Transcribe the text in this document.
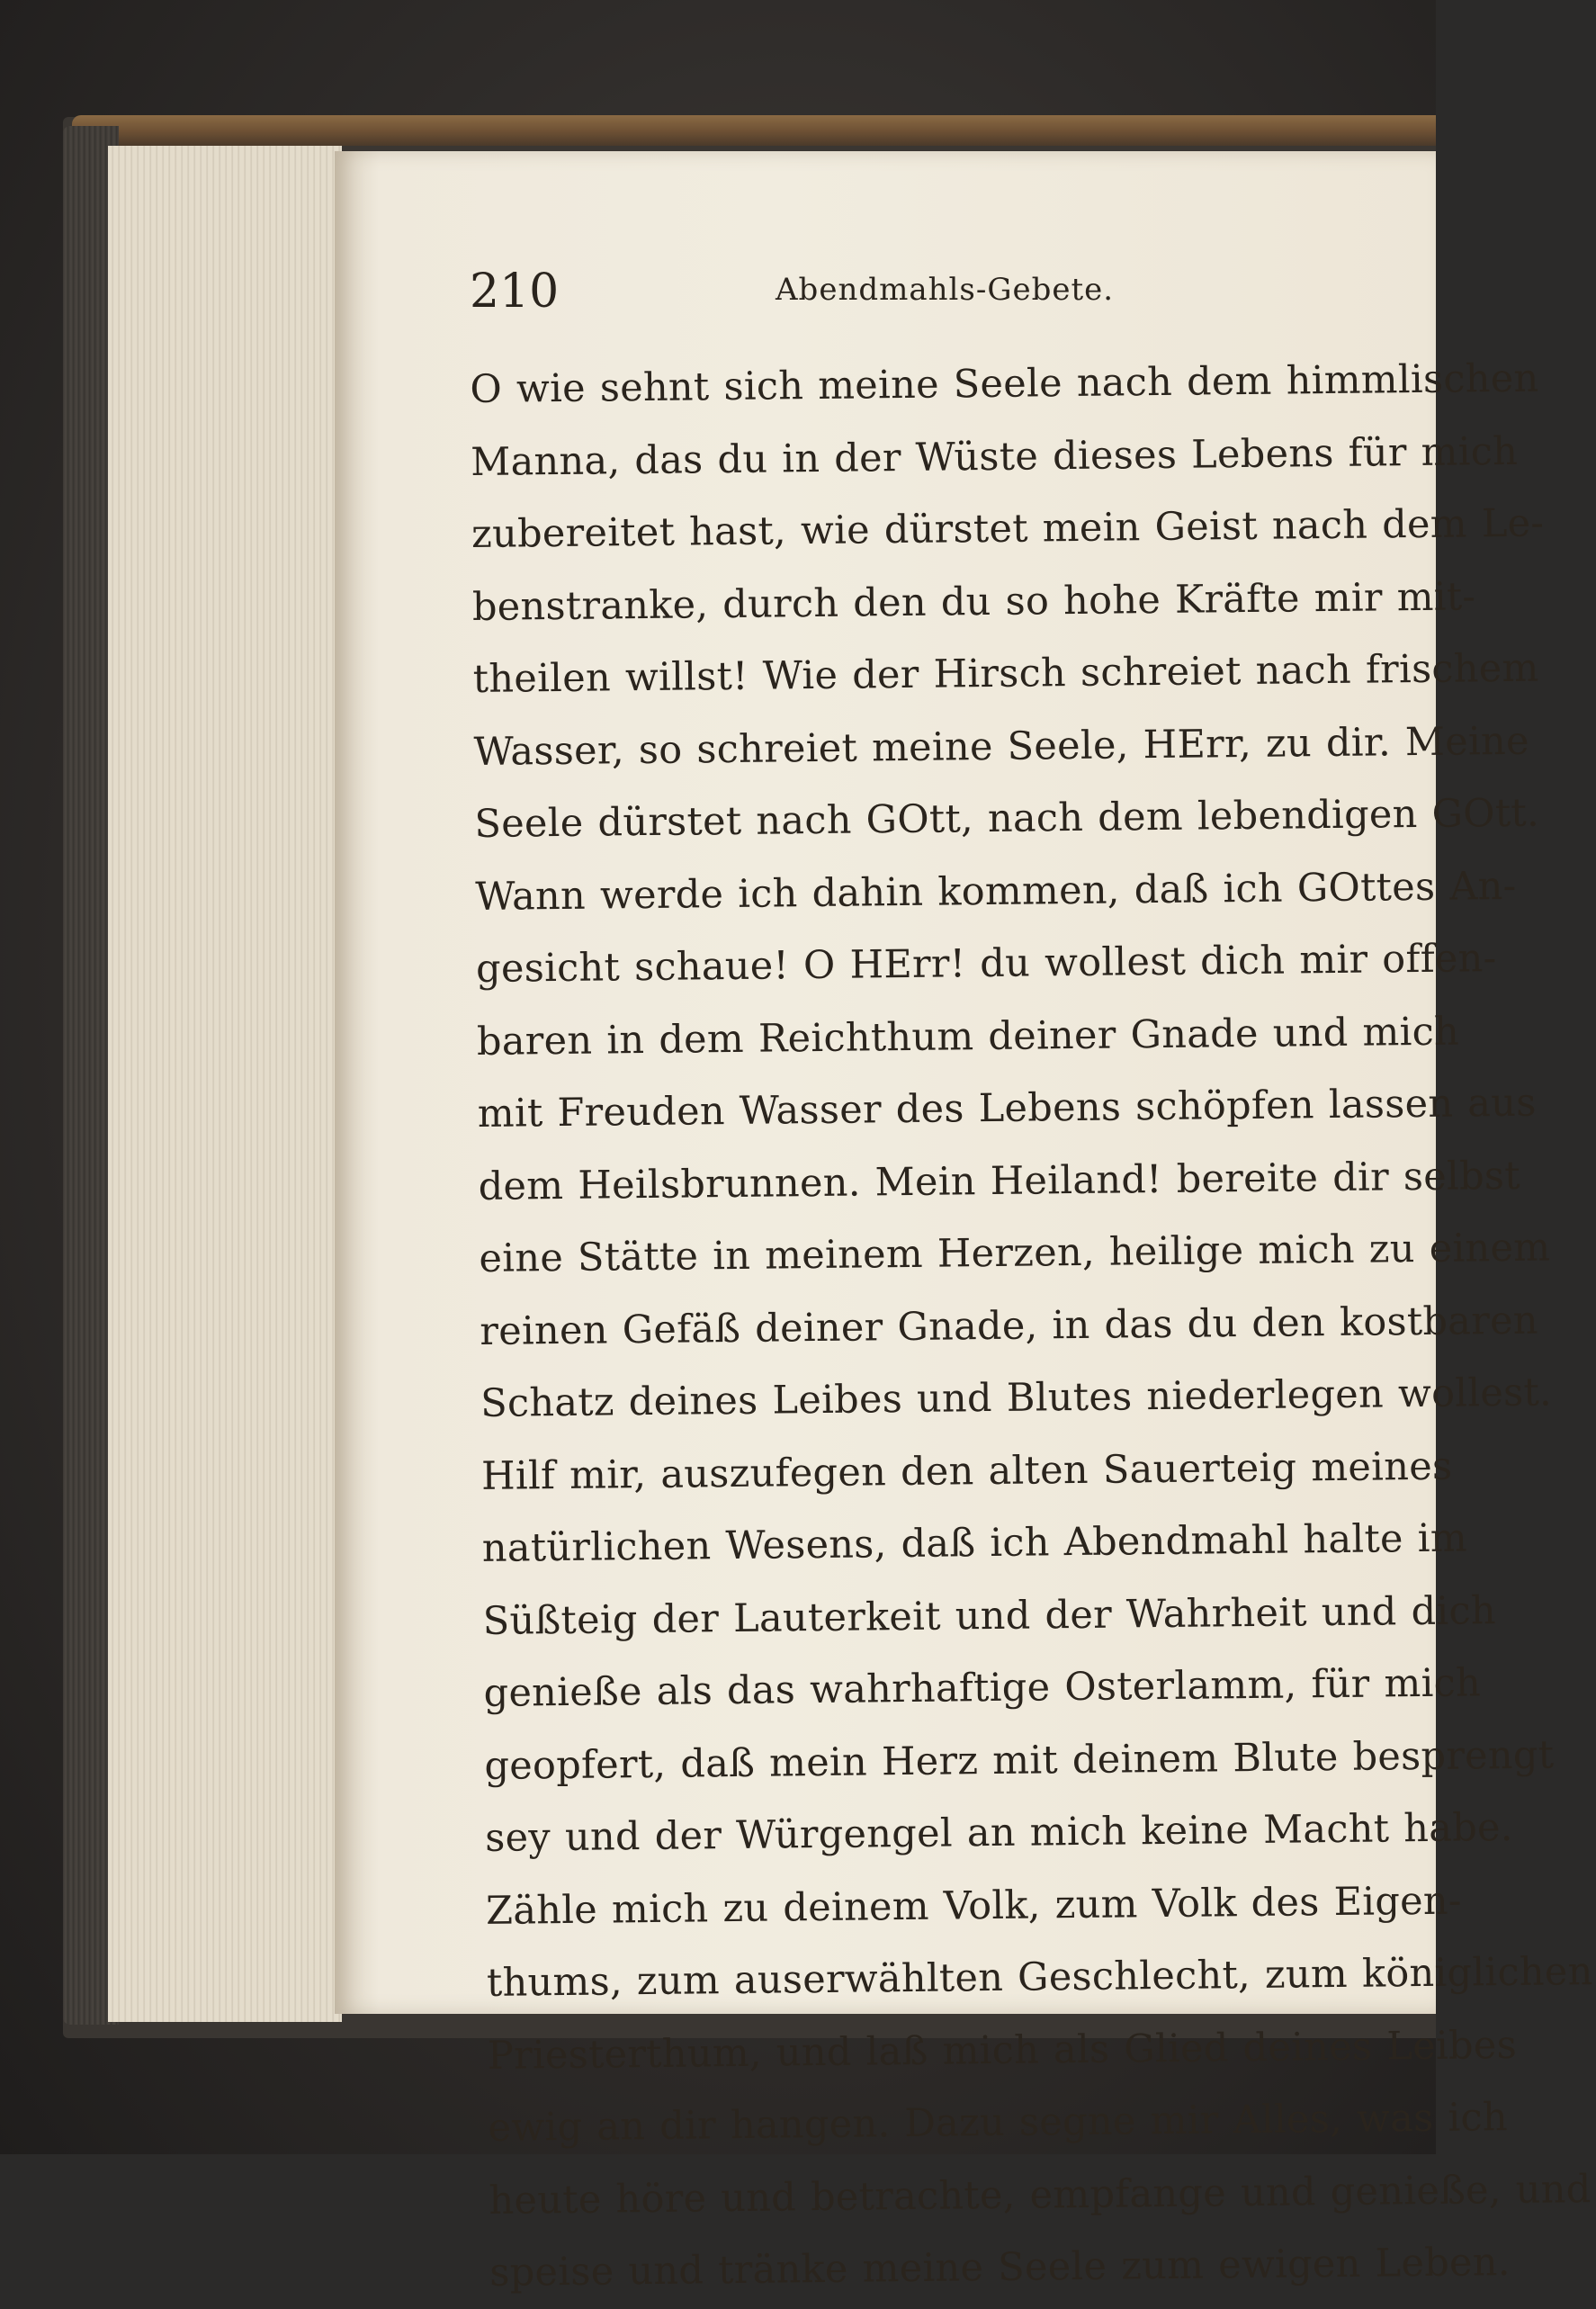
210	Abendmahls-Gebete.
O wie sehnt sich meine Seele nach dem himmlischen
Manna, das du in der Wüste dieses Lebens für mich
zubereitet hast, wie dürstet mein Geist nach dem Le-
benstranke, durch den du so hohe Kräfte mir mit-
theilen willst! Wie der Hirsch schreiet nach frischem
Wasser, so schreiet meine Seele, HErr, zu dir. Meine
Seele dürstet nach GOtt, nach dem lebendigen GOtt.
Wann werde ich dahin kommen, daß ich GOttes An-
gesicht schaue! O HErr! du wollest dich mir offen-
baren in dem Reichthum deiner Gnade und mich
mit Freuden Wasser des Lebens schöpfen lassen aus
dem Heilsbrunnen. Mein Heiland! bereite dir selbst
eine Stätte in meinem Herzen, heilige mich zu einem
reinen Gefäß deiner Gnade, in das du den kostbaren
Schatz deines Leibes und Blutes niederlegen wollest.
Hilf mir, auszufegen den alten Sauerteig meines
natürlichen Wesens, daß ich Abendmahl halte im
Süßteig der Lauterkeit und der Wahrheit und dich
genieße als das wahrhaftige Osterlamm, für mich
geopfert, daß mein Herz mit deinem Blute besprengt
sey und der Würgengel an mich keine Macht habe.
Zähle mich zu deinem Volk, zum Volk des Eigen-
thums, zum auserwählten Geschlecht, zum königlichen
Priesterthum, und laß mich als Glied deines Leibes
ewig an dir hangen. Dazu segne mir Alles, was ich
heute höre und betrachte, empfange und genieße, und
speise und tränke meine Seele zum ewigen Leben.
